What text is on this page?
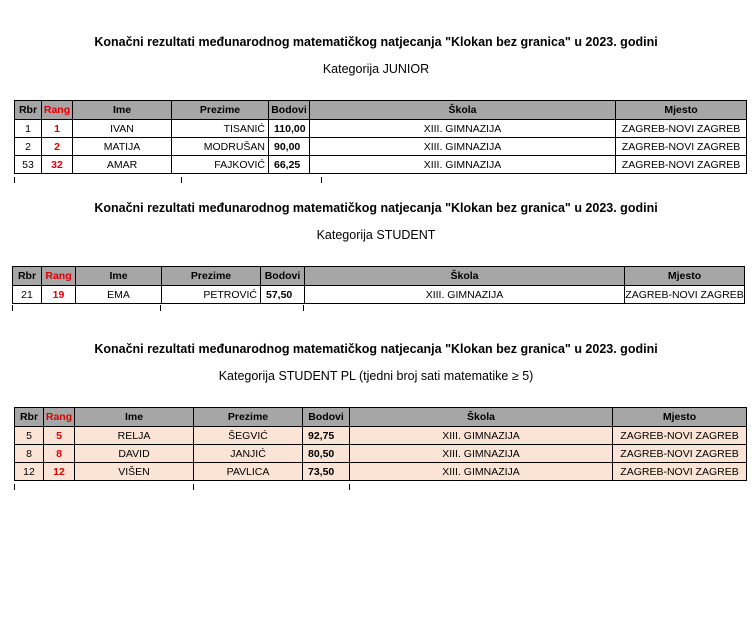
Konačni rezultati međunarodnog matematičkog natjecanja "Klokan bez granica" u 2023. godini
Kategorija JUNIOR
Rbr	Rang	Ime	Prezime	Bodovi	Škola	Mjesto
1	1	IVAN	TISANIĆ	110,00	XIII. GIMNAZIJA	ZAGREB-NOVI ZAGREB
2	2	MATIJA	MODRUŠAN	90,00	XIII. GIMNAZIJA	ZAGREB-NOVI ZAGREB
53	32	AMAR	FAJKOVIĆ	66,25	XIII. GIMNAZIJA	ZAGREB-NOVI ZAGREB
Konačni rezultati međunarodnog matematičkog natjecanja "Klokan bez granica" u 2023. godini
Kategorija STUDENT
Rbr	Rang	Ime	Prezime	Bodovi	Škola	Mjesto
21	19	EMA	PETROVIĆ	57,50	XIII. GIMNAZIJA	ZAGREB-NOVI ZAGREB
Konačni rezultati međunarodnog matematičkog natjecanja "Klokan bez granica" u 2023. godini
Kategorija STUDENT PL (tjedni broj sati matematike ≥ 5)
Rbr	Rang	Ime	Prezime	Bodovi	Škola	Mjesto
5	5	RELJA	ŠEGVIĆ	92,75	XIII. GIMNAZIJA	ZAGREB-NOVI ZAGREB
8	8	DAVID	JANJIĆ	80,50	XIII. GIMNAZIJA	ZAGREB-NOVI ZAGREB
12	12	VIŠEN	PAVLICA	73,50	XIII. GIMNAZIJA	ZAGREB-NOVI ZAGREB
